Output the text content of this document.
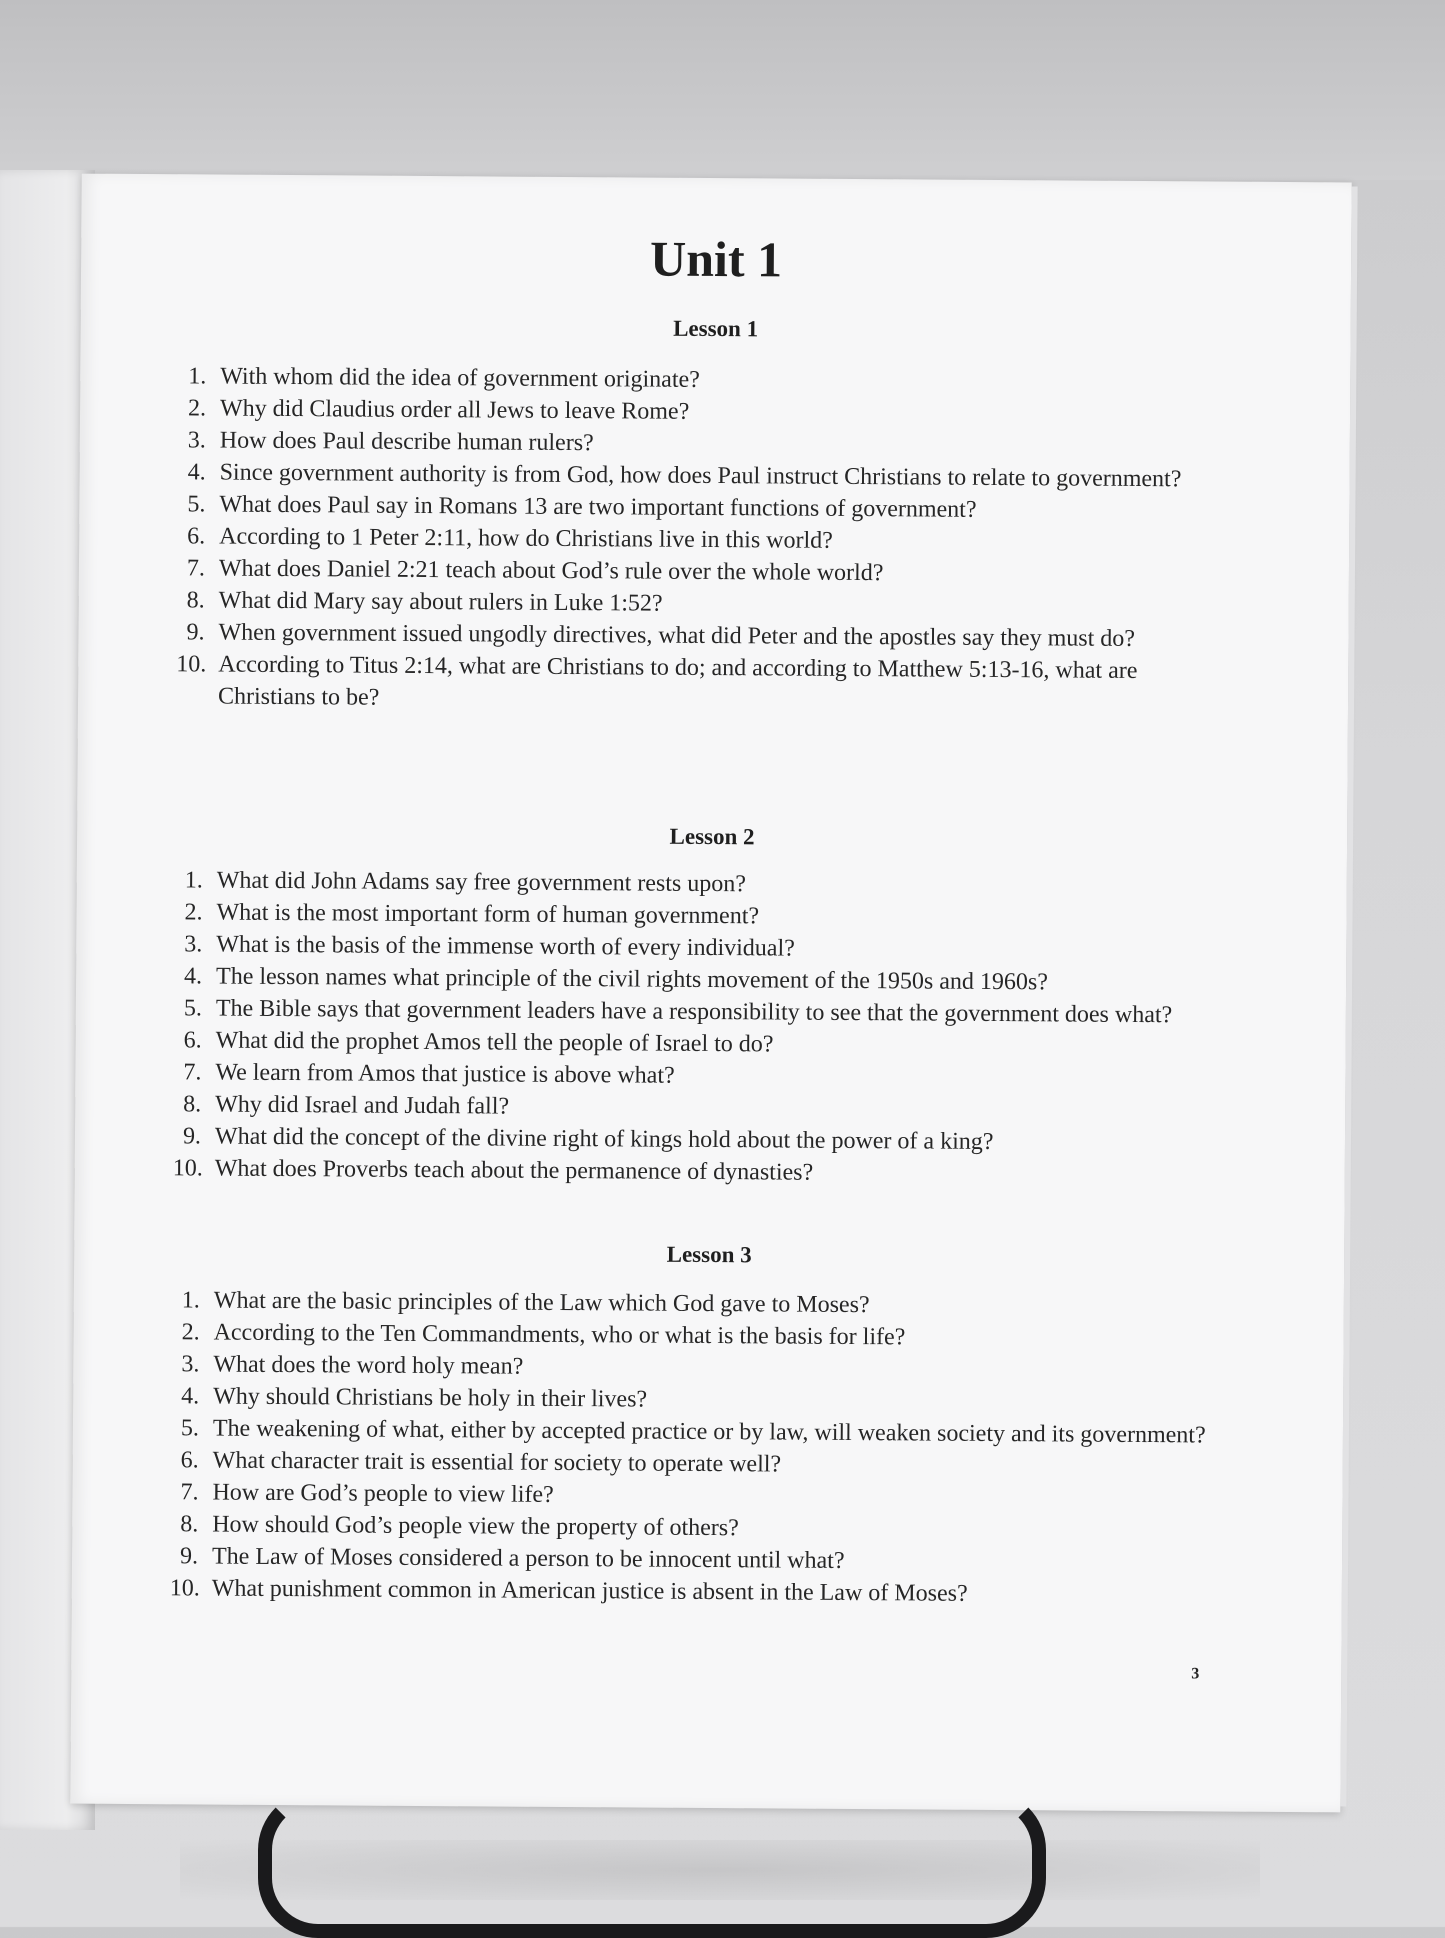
Unit 1
Lesson 1
1. With whom did the idea of government originate?
2. Why did Claudius order all Jews to leave Rome?
3. How does Paul describe human rulers?
4. Since government authority is from God, how does Paul instruct Christians to relate to government?
5. What does Paul say in Romans 13 are two important functions of government?
6. According to 1 Peter 2:11, how do Christians live in this world?
7. What does Daniel 2:21 teach about God’s rule over the whole world?
8. What did Mary say about rulers in Luke 1:52?
9. When government issued ungodly directives, what did Peter and the apostles say they must do?
10. According to Titus 2:14, what are Christians to do; and according to Matthew 5:13-16, what are Christians to be?
Lesson 2
1. What did John Adams say free government rests upon?
2. What is the most important form of human government?
3. What is the basis of the immense worth of every individual?
4. The lesson names what principle of the civil rights movement of the 1950s and 1960s?
5. The Bible says that government leaders have a responsibility to see that the government does what?
6. What did the prophet Amos tell the people of Israel to do?
7. We learn from Amos that justice is above what?
8. Why did Israel and Judah fall?
9. What did the concept of the divine right of kings hold about the power of a king?
10. What does Proverbs teach about the permanence of dynasties?
Lesson 3
1. What are the basic principles of the Law which God gave to Moses?
2. According to the Ten Commandments, who or what is the basis for life?
3. What does the word holy mean?
4. Why should Christians be holy in their lives?
5. The weakening of what, either by accepted practice or by law, will weaken society and its government?
6. What character trait is essential for society to operate well?
7. How are God’s people to view life?
8. How should God’s people view the property of others?
9. The Law of Moses considered a person to be innocent until what?
10. What punishment common in American justice is absent in the Law of Moses?
3
